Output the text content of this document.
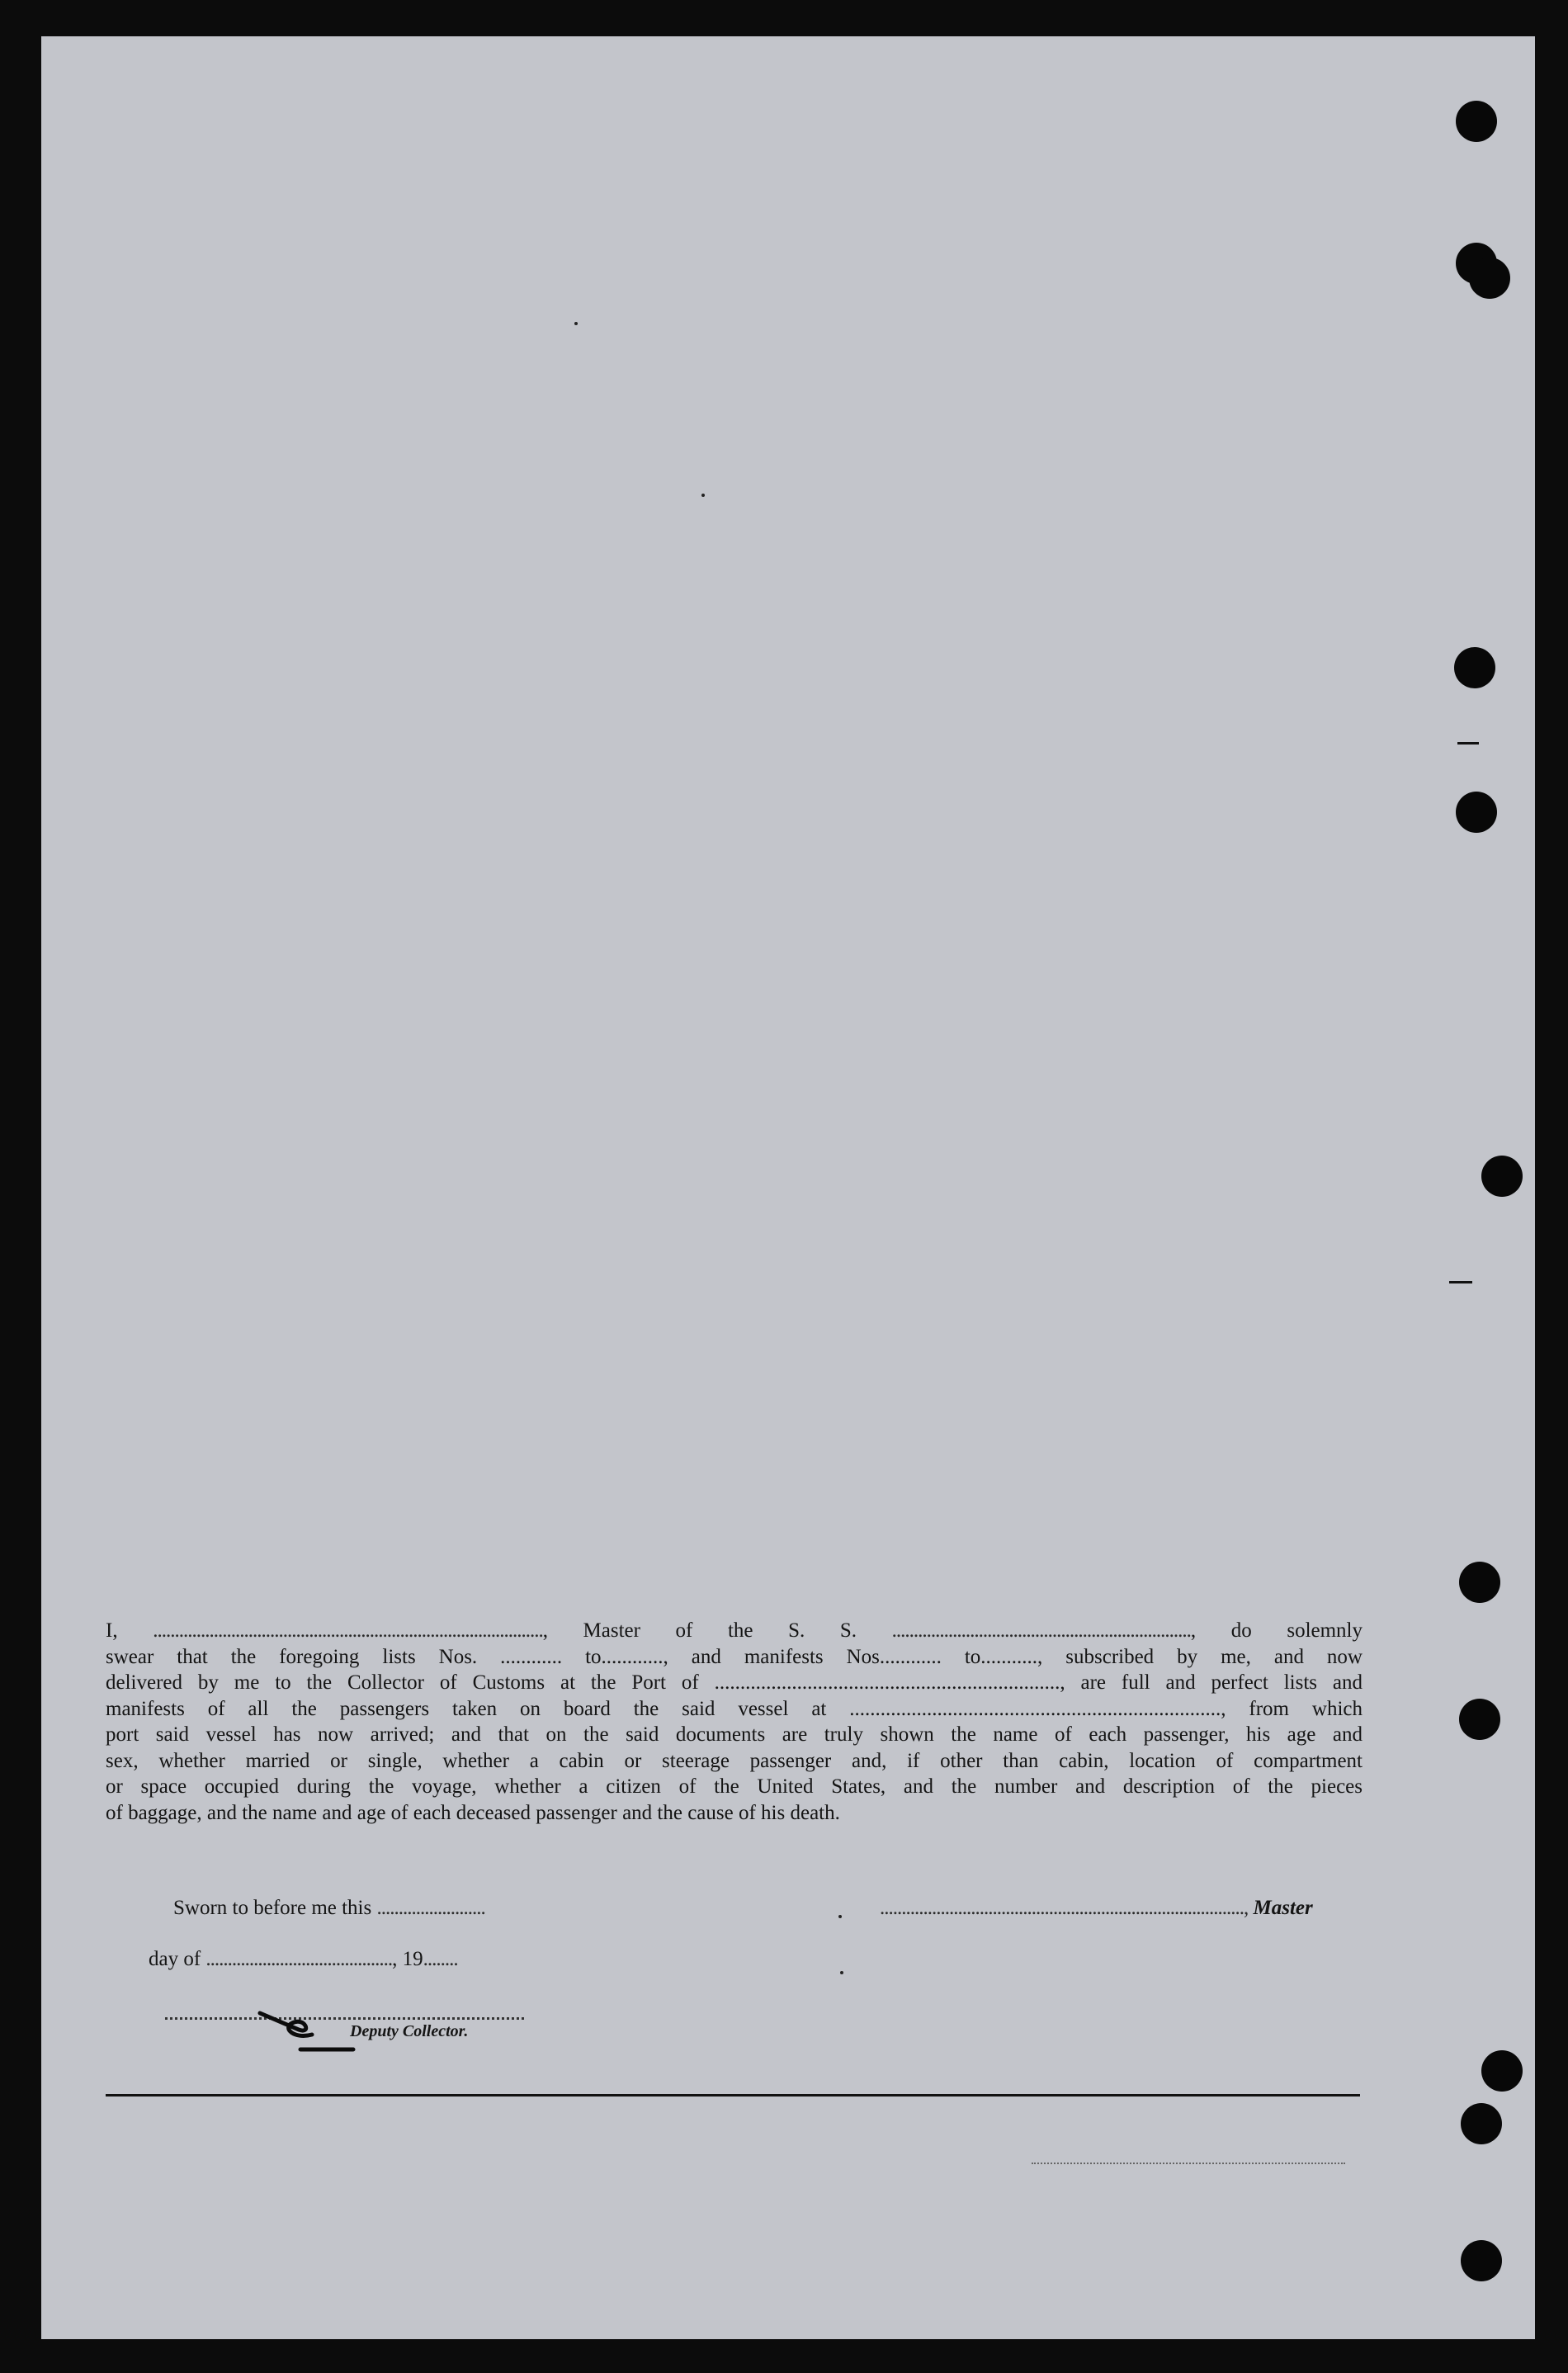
I, .........................................................................................., Master of the S. S. ....................................................................., do solemnly
swear that the foregoing lists Nos. ............ to............, and manifests Nos............ to..........., subscribed by me, and now
delivered by me to the Collector of Customs at the Port of ..................................................................., are full and perfect lists and
manifests of all the passengers taken on board the said vessel at ........................................................................, from which
port said vessel has now arrived; and that on the said documents are truly shown the name of each passenger, his age and
sex, whether married or single, whether a cabin or steerage passenger and, if other than cabin, location of compartment
or space occupied during the voyage, whether a citizen of the United States, and the number and description of the pieces
of baggage, and the name and age of each deceased passenger and the cause of his death.
Sworn to before me this .........................	...................................................................................., Master
day of ..........................................., 19........
Deputy Collector.
